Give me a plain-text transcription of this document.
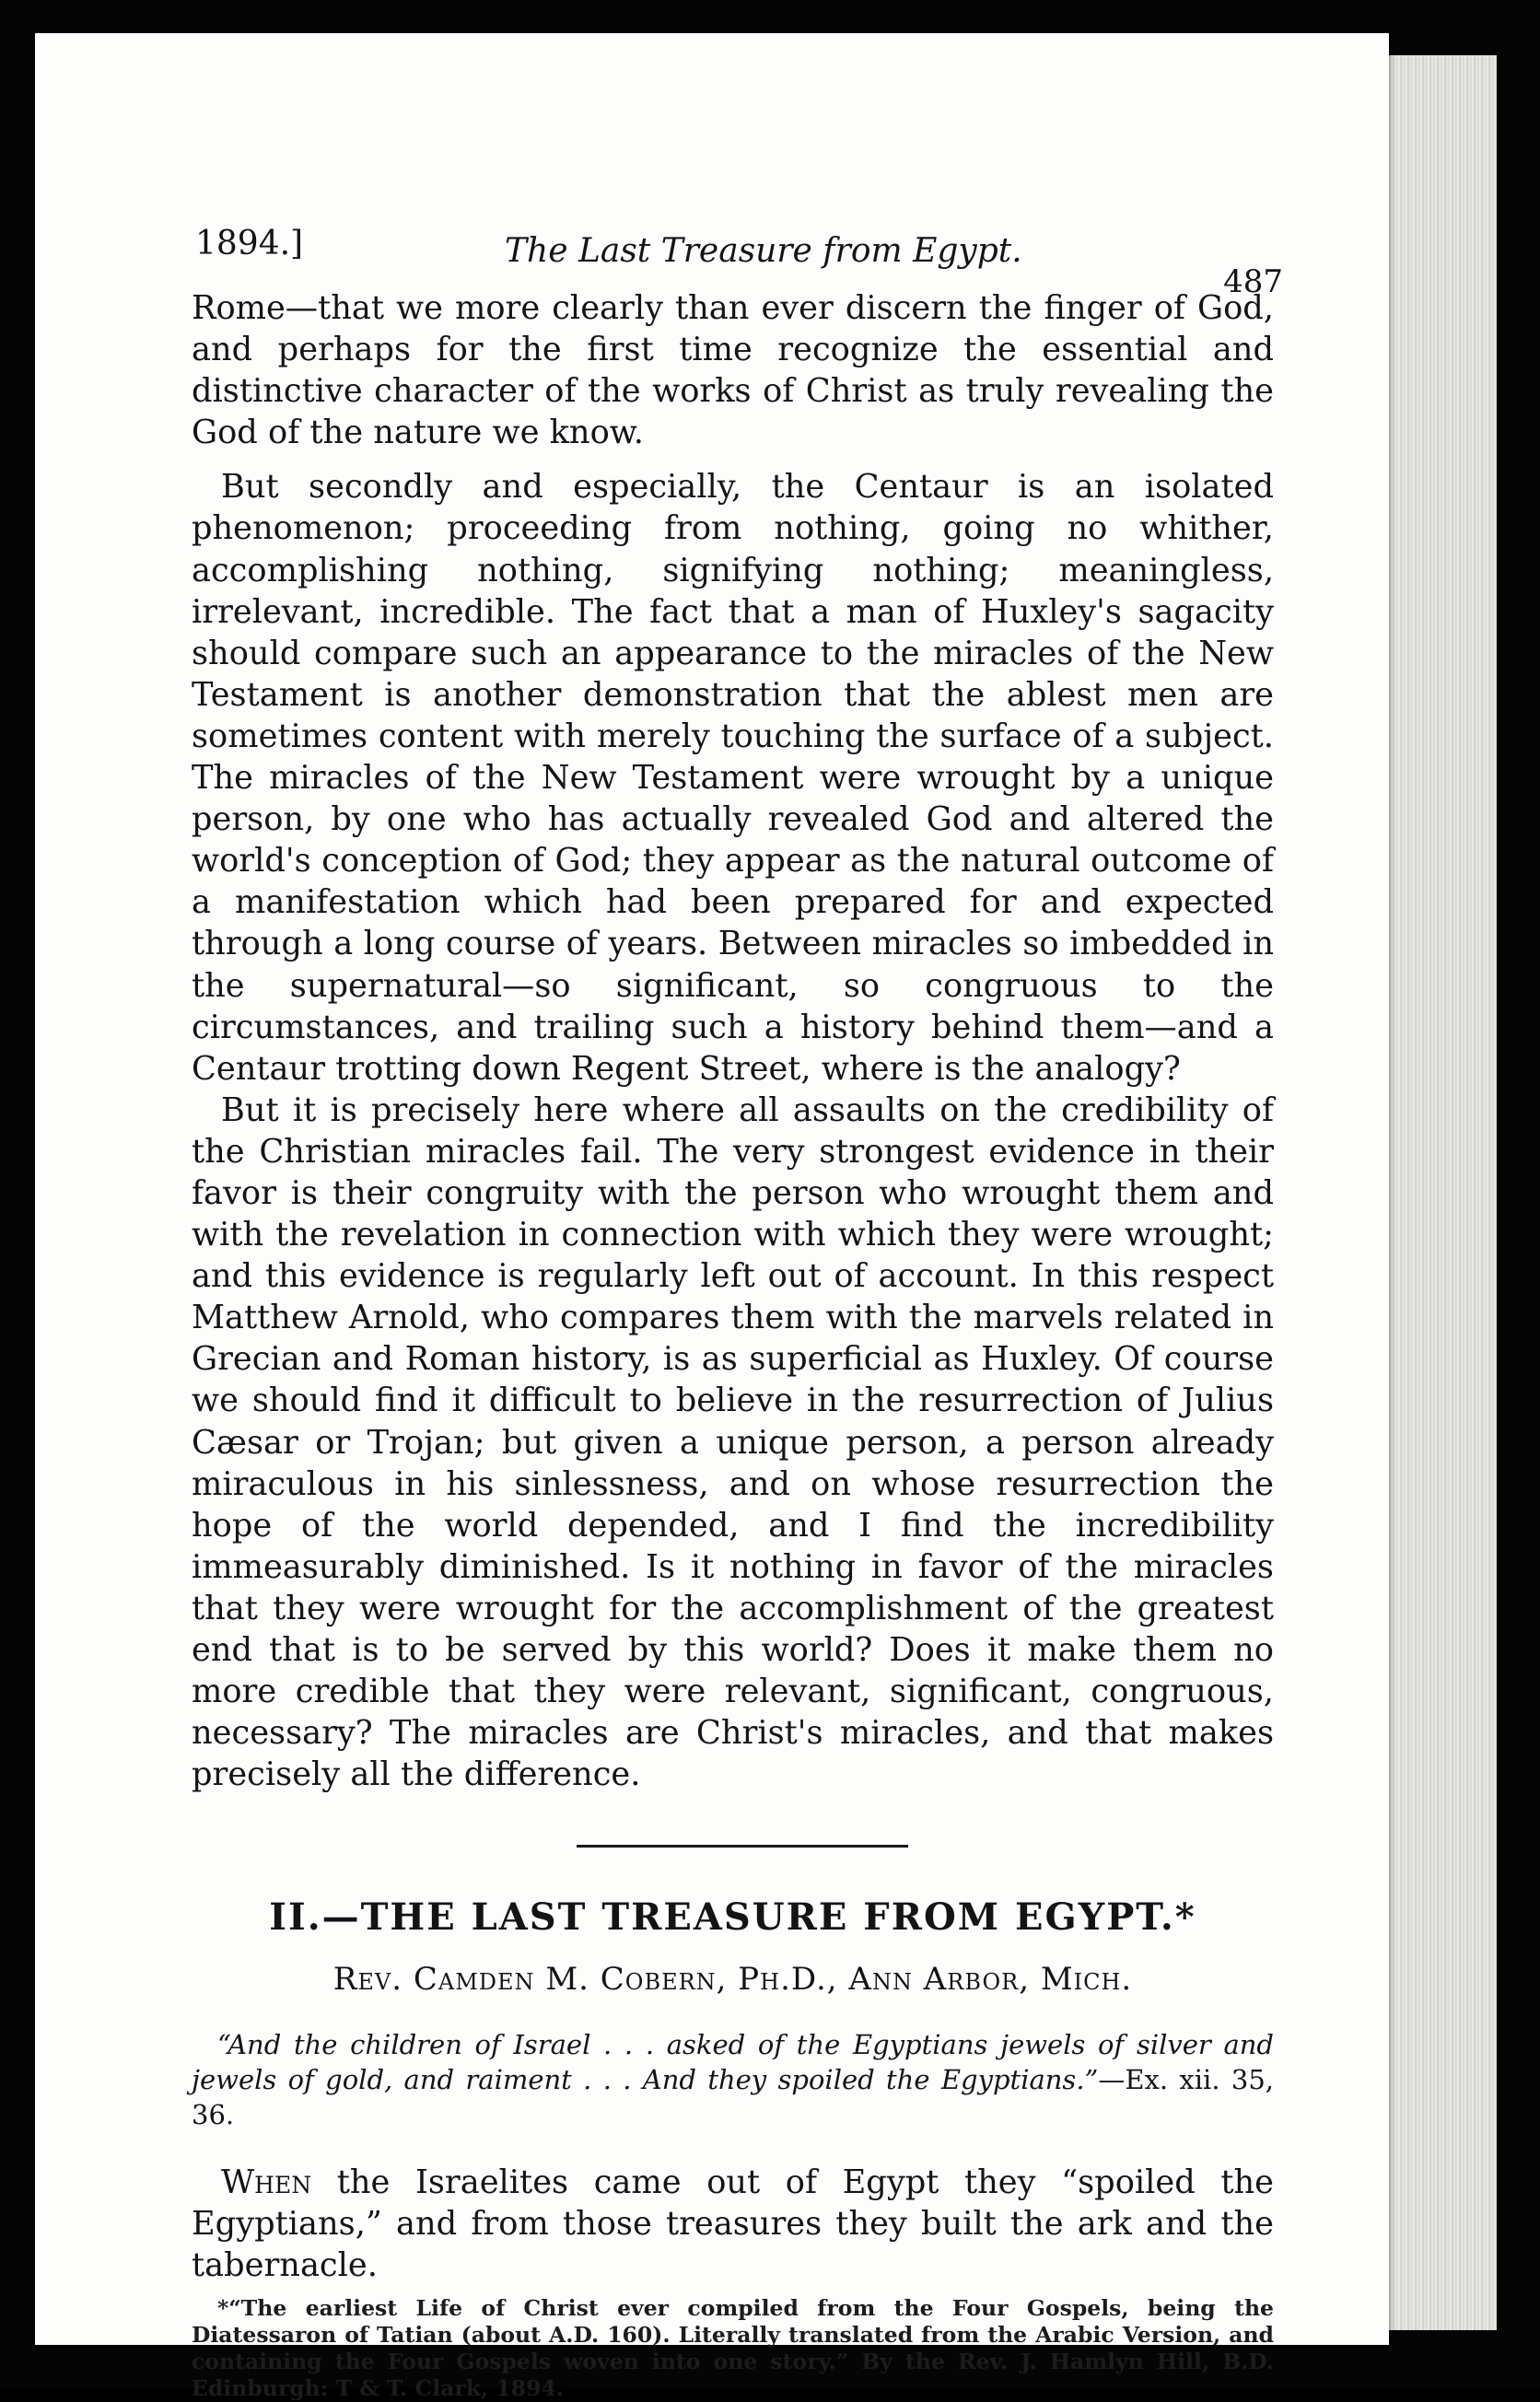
1894.]	The Last Treasure from Egypt.
487

Rome—that we more clearly than ever discern the finger of God, and perhaps for the first time recognize the essential and distinctive character of the works of Christ as truly revealing the God of the nature we know.

But secondly and especially, the Centaur is an isolated phenomenon; proceeding from nothing, going no whither, accomplishing nothing, signifying nothing; meaningless, irrelevant, incredible. The fact that a man of Huxley's sagacity should compare such an appearance to the miracles of the New Testament is another demonstration that the ablest men are sometimes content with merely touching the surface of a subject. The miracles of the New Testament were wrought by a unique person, by one who has actually revealed God and altered the world's conception of God; they appear as the natural outcome of a manifestation which had been prepared for and expected through a long course of years. Between miracles so imbedded in the supernatural—so significant, so congruous to the circumstances, and trailing such a history behind them—and a Centaur trotting down Regent Street, where is the analogy?

But it is precisely here where all assaults on the credibility of the Christian miracles fail. The very strongest evidence in their favor is their congruity with the person who wrought them and with the revelation in connection with which they were wrought; and this evidence is regularly left out of account. In this respect Matthew Arnold, who compares them with the marvels related in Grecian and Roman history, is as superficial as Huxley. Of course we should find it difficult to believe in the resurrection of Julius Cæsar or Trojan; but given a unique person, a person already miraculous in his sinlessness, and on whose resurrection the hope of the world depended, and I find the incredibility immeasurably diminished. Is it nothing in favor of the miracles that they were wrought for the accomplishment of the greatest end that is to be served by this world? Does it make them no more credible that they were relevant, significant, congruous, necessary? The miracles are Christ's miracles, and that makes precisely all the difference.

II.—THE LAST TREASURE FROM EGYPT.*
Rev. Camden M. Cobern, Ph.D., Ann Arbor, Mich.

“And the children of Israel . . . asked of the Egyptians jewels of silver and jewels of gold, and raiment . . . And they spoiled the Egyptians.”—Ex. xii. 35, 36.

When the Israelites came out of Egypt they “spoiled the Egyptians,” and from those treasures they built the ark and the tabernacle.

*“The earliest Life of Christ ever compiled from the Four Gospels, being the Diatessaron of Tatian (about A.D. 160). Literally translated from the Arabic Version, and containing the Four Gospels woven into one story.” By the Rev. J. Hamlyn Hill, B.D. Edinburgh: T & T. Clark, 1894.
